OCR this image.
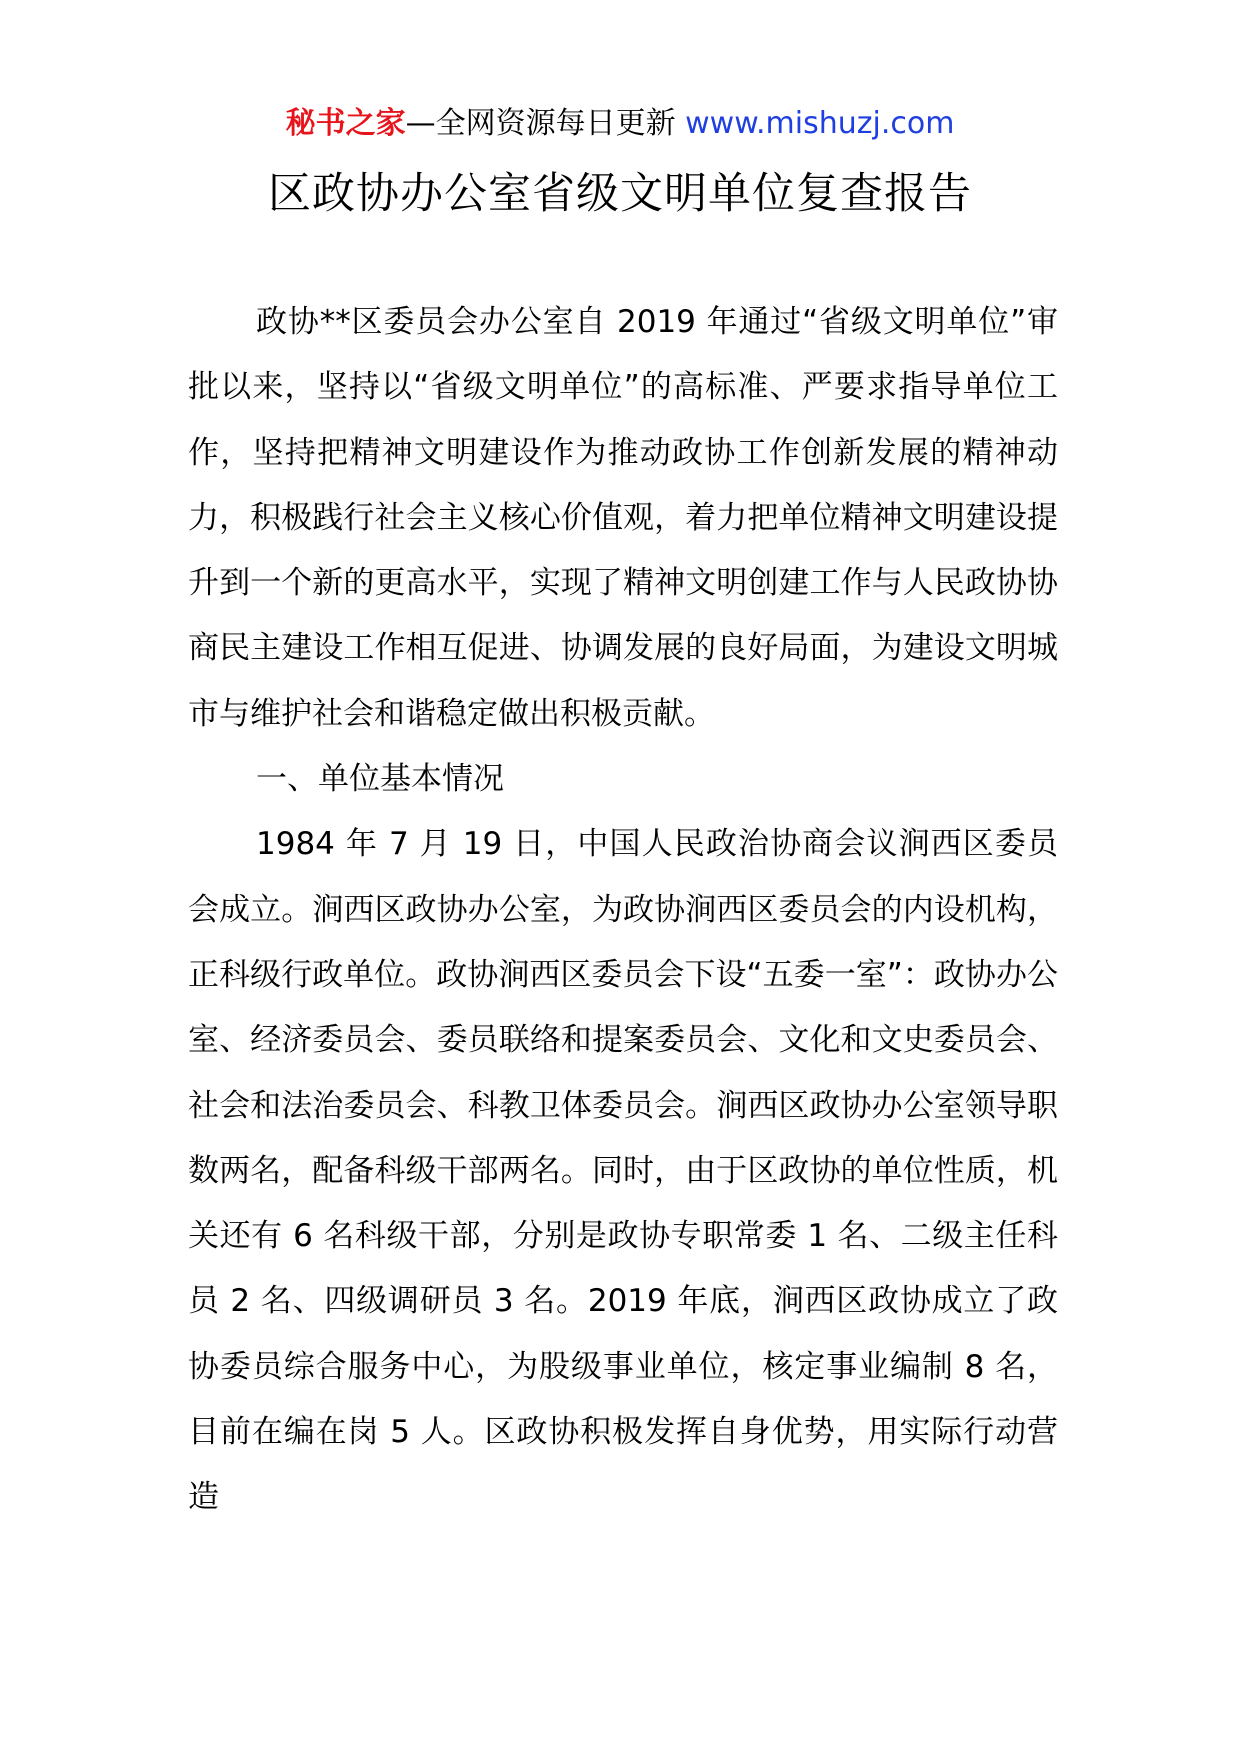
秘书之家—全网资源每日更新 www.mishuzj.com
区政协办公室省级文明单位复查报告

政协**区委员会办公室自 2019 年通过“省级文明单位”审批以来，坚持以“省级文明单位”的高标准、严要求指导单位工作，坚持把精神文明建设作为推动政协工作创新发展的精神动力，积极践行社会主义核心价值观，着力把单位精神文明建设提升到一个新的更高水平，实现了精神文明创建工作与人民政协协商民主建设工作相互促进、协调发展的良好局面，为建设文明城市与维护社会和谐稳定做出积极贡献。

一、单位基本情况

1984 年 7 月 19 日，中国人民政治协商会议涧西区委员会成立。涧西区政协办公室，为政协涧西区委员会的内设机构，正科级行政单位。政协涧西区委员会下设“五委一室”：政协办公室、经济委员会、委员联络和提案委员会、文化和文史委员会、社会和法治委员会、科教卫体委员会。涧西区政协办公室领导职数两名，配备科级干部两名。同时，由于区政协的单位性质，机关还有 6 名科级干部，分别是政协专职常委 1 名、二级主任科员 2 名、四级调研员 3 名。2019 年底，涧西区政协成立了政协委员综合服务中心，为股级事业单位，核定事业编制 8 名，目前在编在岗 5 人。区政协积极发挥自身优势，用实际行动营造
